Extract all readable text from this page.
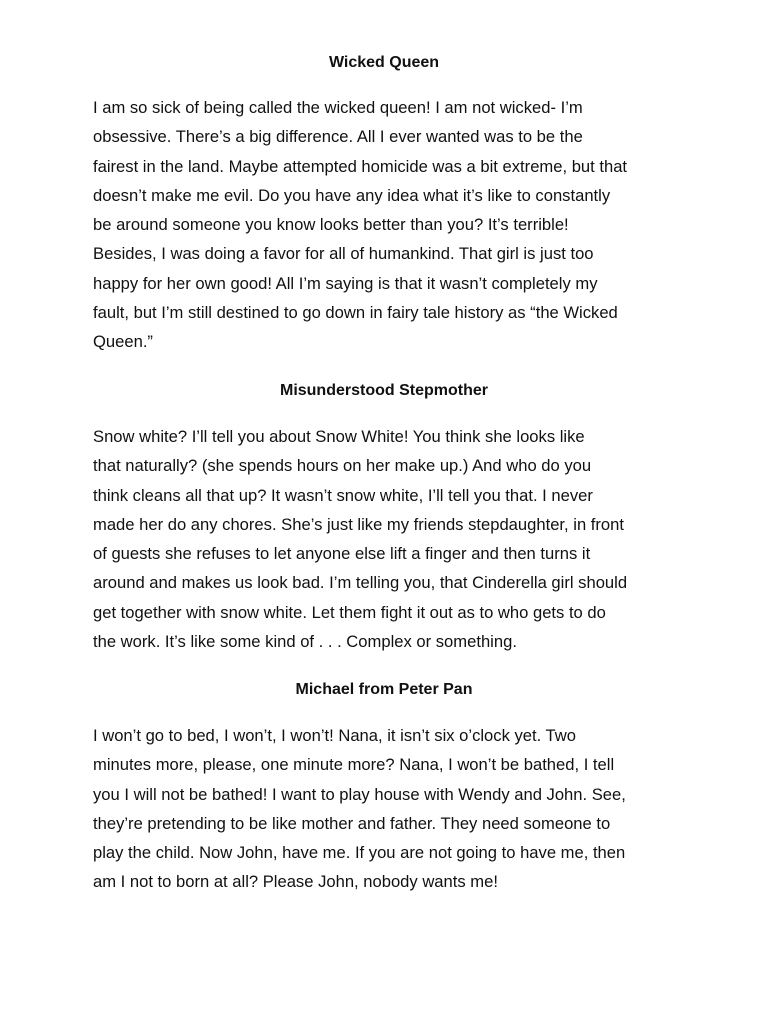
Wicked Queen
I am so sick of being called the wicked queen! I am not wicked- I’m
obsessive. There’s a big difference. All I ever wanted was to be the
fairest in the land. Maybe attempted homicide was a bit extreme, but that
doesn’t make me evil. Do you have any idea what it’s like to constantly
be around someone you know looks better than you? It’s terrible!
Besides, I was doing a favor for all of humankind. That girl is just too
happy for her own good! All I’m saying is that it wasn’t completely my
fault, but I’m still destined to go down in fairy tale history as “the Wicked
Queen.”
Misunderstood Stepmother
Snow white? I’ll tell you about Snow White! You think she looks like
that naturally? (she spends hours on her make up.) And who do you
think cleans all that up? It wasn’t snow white, I’ll tell you that. I never
made her do any chores. She’s just like my friends stepdaughter, in front
of guests she refuses to let anyone else lift a finger and then turns it
around and makes us look bad. I’m telling you, that Cinderella girl should
get together with snow white. Let them fight it out as to who gets to do
the work. It’s like some kind of . . . Complex or something.
Michael from Peter Pan
I won’t go to bed, I won’t, I won’t! Nana, it isn’t six o’clock yet. Two
minutes more, please, one minute more? Nana, I won’t be bathed, I tell
you I will not be bathed! I want to play house with Wendy and John. See,
they’re pretending to be like mother and father. They need someone to
play the child. Now John, have me. If you are not going to have me, then
am I not to born at all? Please John, nobody wants me!
